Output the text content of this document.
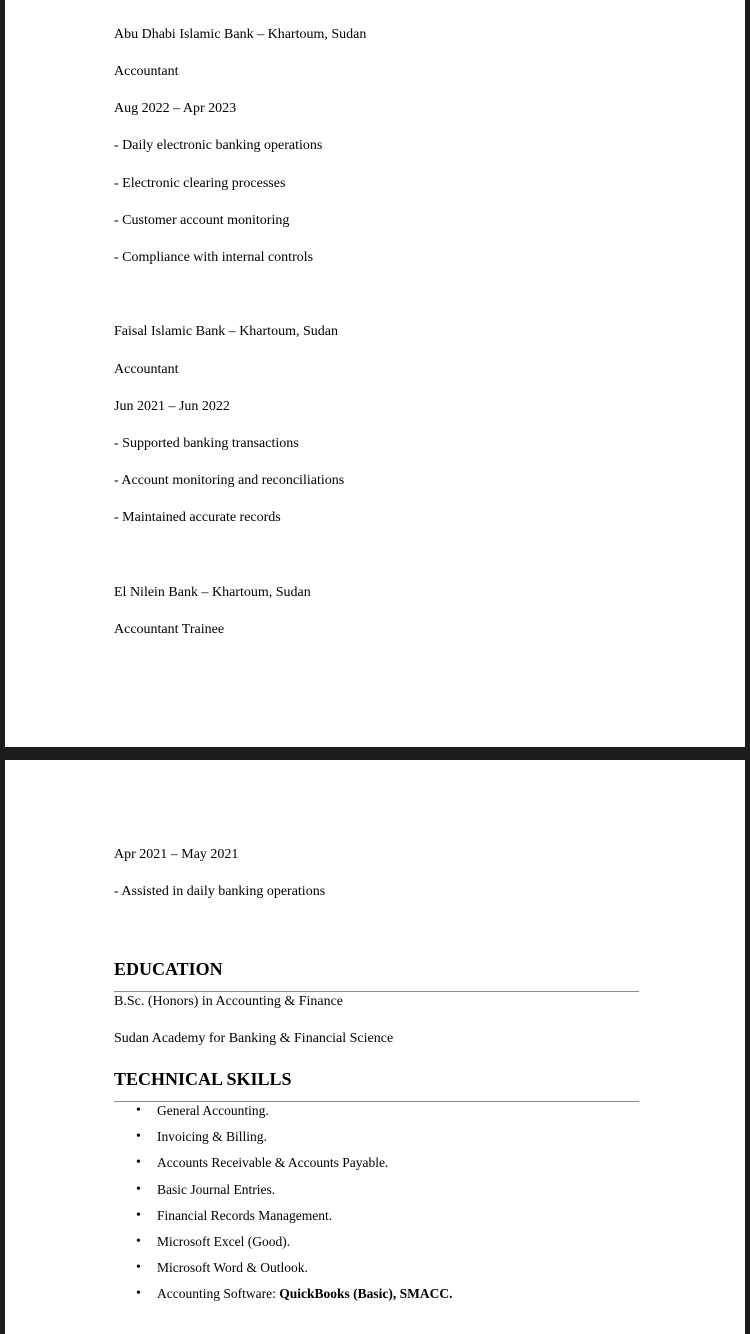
Abu Dhabi Islamic Bank – Khartoum, Sudan
Accountant
Aug 2022 – Apr 2023
- Daily electronic banking operations
- Electronic clearing processes
- Customer account monitoring
- Compliance with internal controls
Faisal Islamic Bank – Khartoum, Sudan
Accountant
Jun 2021 – Jun 2022
- Supported banking transactions
- Account monitoring and reconciliations
- Maintained accurate records
El Nilein Bank – Khartoum, Sudan
Accountant Trainee
Apr 2021 – May 2021
- Assisted in daily banking operations
EDUCATION
B.Sc. (Honors) in Accounting & Finance
Sudan Academy for Banking & Financial Science
TECHNICAL SKILLS
• General Accounting.
• Invoicing & Billing.
• Accounts Receivable & Accounts Payable.
• Basic Journal Entries.
• Financial Records Management.
• Microsoft Excel (Good).
• Microsoft Word & Outlook.
• Accounting Software: QuickBooks (Basic), SMACC.
